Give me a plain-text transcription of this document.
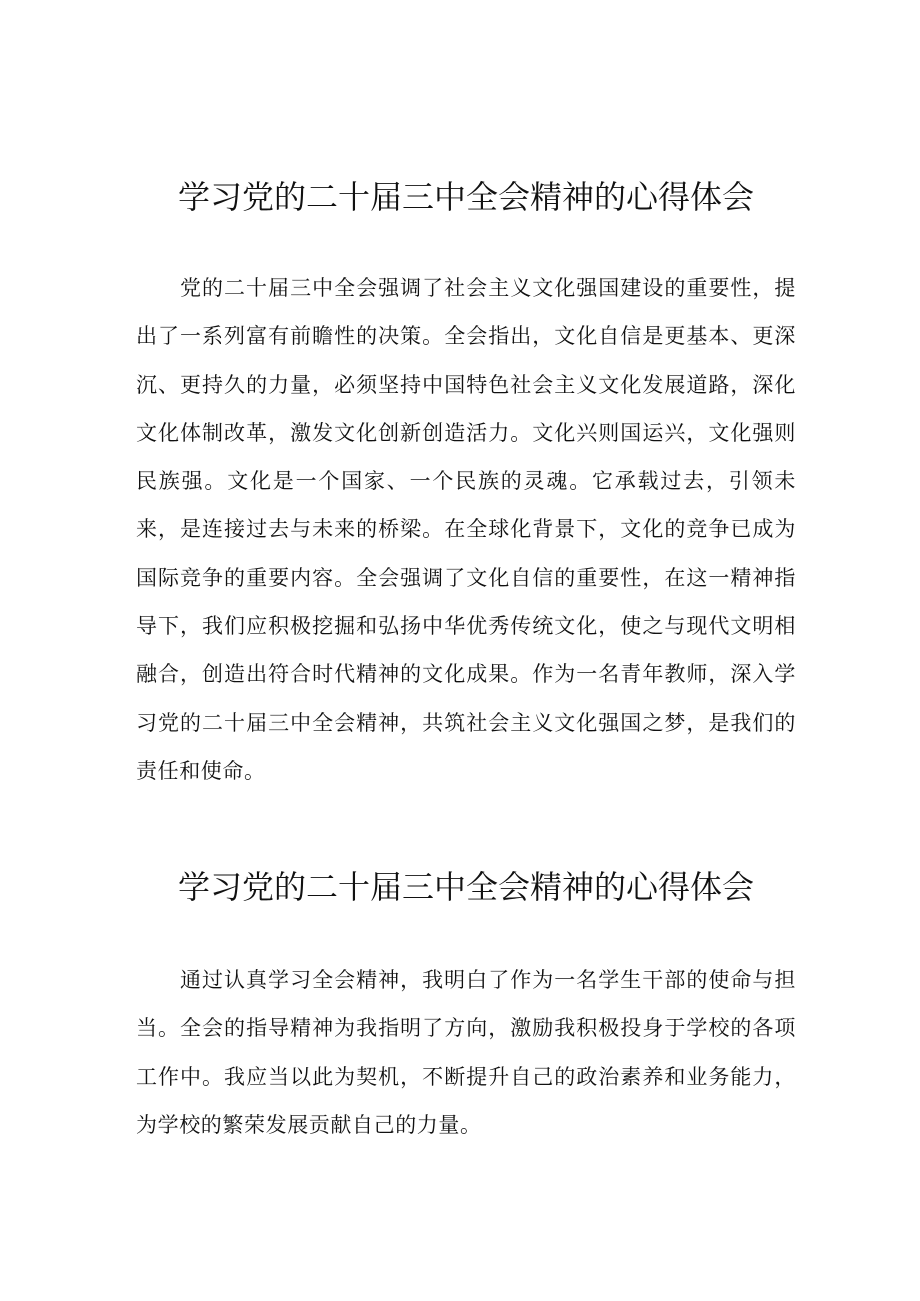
学习党的二十届三中全会精神的心得体会

党的二十届三中全会强调了社会主义文化强国建设的重要性，提出了一系列富有前瞻性的决策。全会指出，文化自信是更基本、更深沉、更持久的力量，必须坚持中国特色社会主义文化发展道路，深化文化体制改革，激发文化创新创造活力。文化兴则国运兴，文化强则民族强。文化是一个国家、一个民族的灵魂。它承载过去，引领未来，是连接过去与未来的桥梁。在全球化背景下，文化的竞争已成为国际竞争的重要内容。全会强调了文化自信的重要性，在这一精神指导下，我们应积极挖掘和弘扬中华优秀传统文化，使之与现代文明相融合，创造出符合时代精神的文化成果。作为一名青年教师，深入学习党的二十届三中全会精神，共筑社会主义文化强国之梦，是我们的责任和使命。

学习党的二十届三中全会精神的心得体会

通过认真学习全会精神，我明白了作为一名学生干部的使命与担当。全会的指导精神为我指明了方向，激励我积极投身于学校的各项工作中。我应当以此为契机，不断提升自己的政治素养和业务能力，为学校的繁荣发展贡献自己的力量。
